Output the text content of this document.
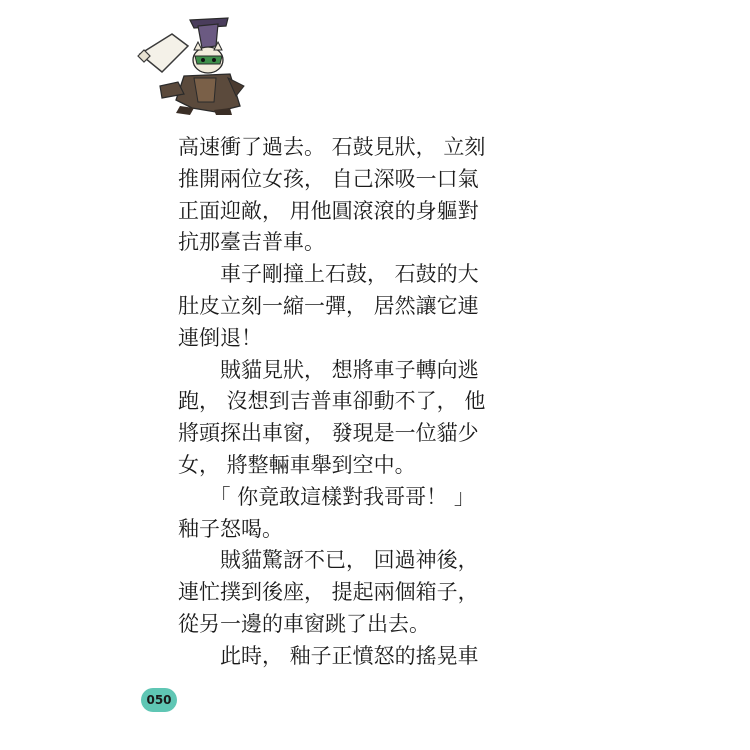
高速衝了過去。 石鼓見狀， 立刻
推開兩位女孩， 自己深吸一口氣
正面迎敵， 用他圓滾滾的身軀對
抗那臺吉普車。
　　車子剛撞上石鼓， 石鼓的大
肚皮立刻一縮一彈， 居然讓它連
連倒退！
　　賊貓見狀， 想將車子轉向逃
跑， 沒想到吉普車卻動不了， 他
將頭探出車窗， 發現是一位貓少
女， 將整輛車舉到空中。
　　「 你竟敢這樣對我哥哥！ 」
釉子怒喝。
　　賊貓驚訝不已， 回過神後，
連忙撲到後座， 提起兩個箱子，
從另一邊的車窗跳了出去。
　　此時， 釉子正憤怒的搖晃車
050
